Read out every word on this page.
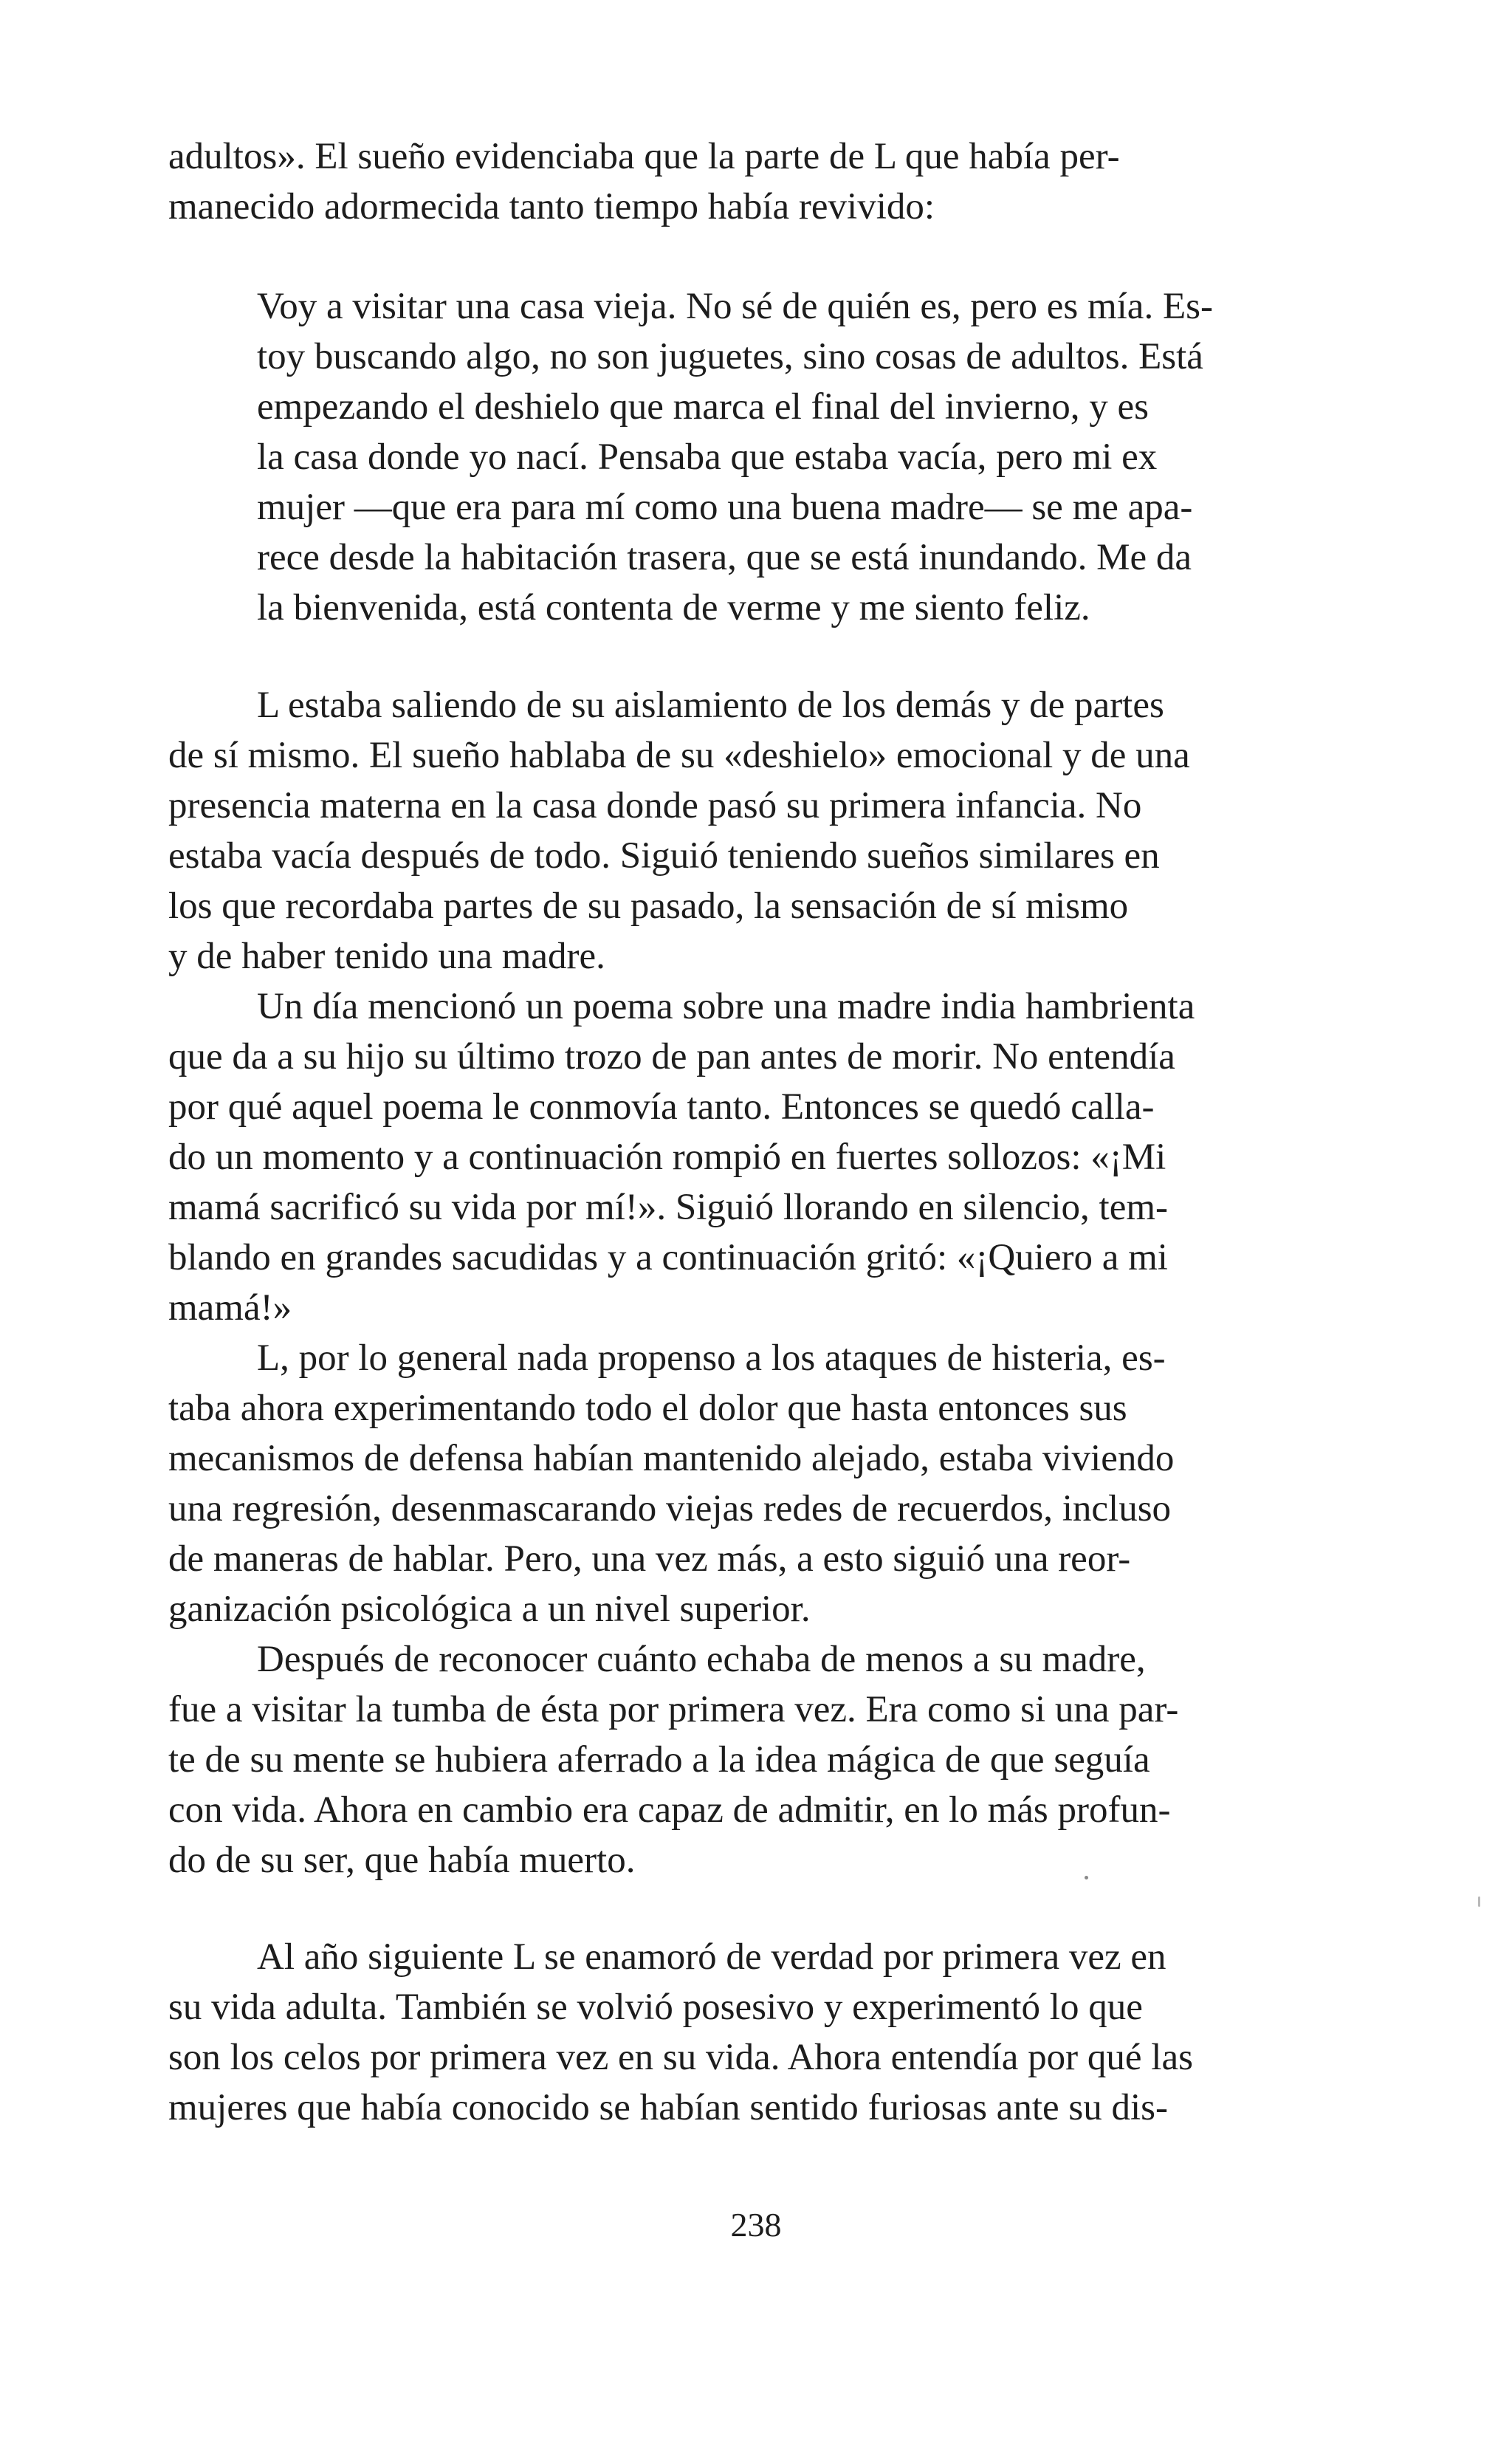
adultos». El sueño evidenciaba que la parte de L que había per-
manecido adormecida tanto tiempo había revivido:
Voy a visitar una casa vieja. No sé de quién es, pero es mía. Es-
toy buscando algo, no son juguetes, sino cosas de adultos. Está
empezando el deshielo que marca el final del invierno, y es
la casa donde yo nací. Pensaba que estaba vacía, pero mi ex
mujer —que era para mí como una buena madre— se me apa-
rece desde la habitación trasera, que se está inundando. Me da
la bienvenida, está contenta de verme y me siento feliz.
L estaba saliendo de su aislamiento de los demás y de partes
de sí mismo. El sueño hablaba de su «deshielo» emocional y de una
presencia materna en la casa donde pasó su primera infancia. No
estaba vacía después de todo. Siguió teniendo sueños similares en
los que recordaba partes de su pasado, la sensación de sí mismo
y de haber tenido una madre.
Un día mencionó un poema sobre una madre india hambrienta
que da a su hijo su último trozo de pan antes de morir. No entendía
por qué aquel poema le conmovía tanto. Entonces se quedó calla-
do un momento y a continuación rompió en fuertes sollozos: «¡Mi
mamá sacrificó su vida por mí!». Siguió llorando en silencio, tem-
blando en grandes sacudidas y a continuación gritó: «¡Quiero a mi
mamá!»
L, por lo general nada propenso a los ataques de histeria, es-
taba ahora experimentando todo el dolor que hasta entonces sus
mecanismos de defensa habían mantenido alejado, estaba viviendo
una regresión, desenmascarando viejas redes de recuerdos, incluso
de maneras de hablar. Pero, una vez más, a esto siguió una reor-
ganización psicológica a un nivel superior.
Después de reconocer cuánto echaba de menos a su madre,
fue a visitar la tumba de ésta por primera vez. Era como si una par-
te de su mente se hubiera aferrado a la idea mágica de que seguía
con vida. Ahora en cambio era capaz de admitir, en lo más profun-
do de su ser, que había muerto.
Al año siguiente L se enamoró de verdad por primera vez en
su vida adulta. También se volvió posesivo y experimentó lo que
son los celos por primera vez en su vida. Ahora entendía por qué las
mujeres que había conocido se habían sentido furiosas ante su dis-

238
